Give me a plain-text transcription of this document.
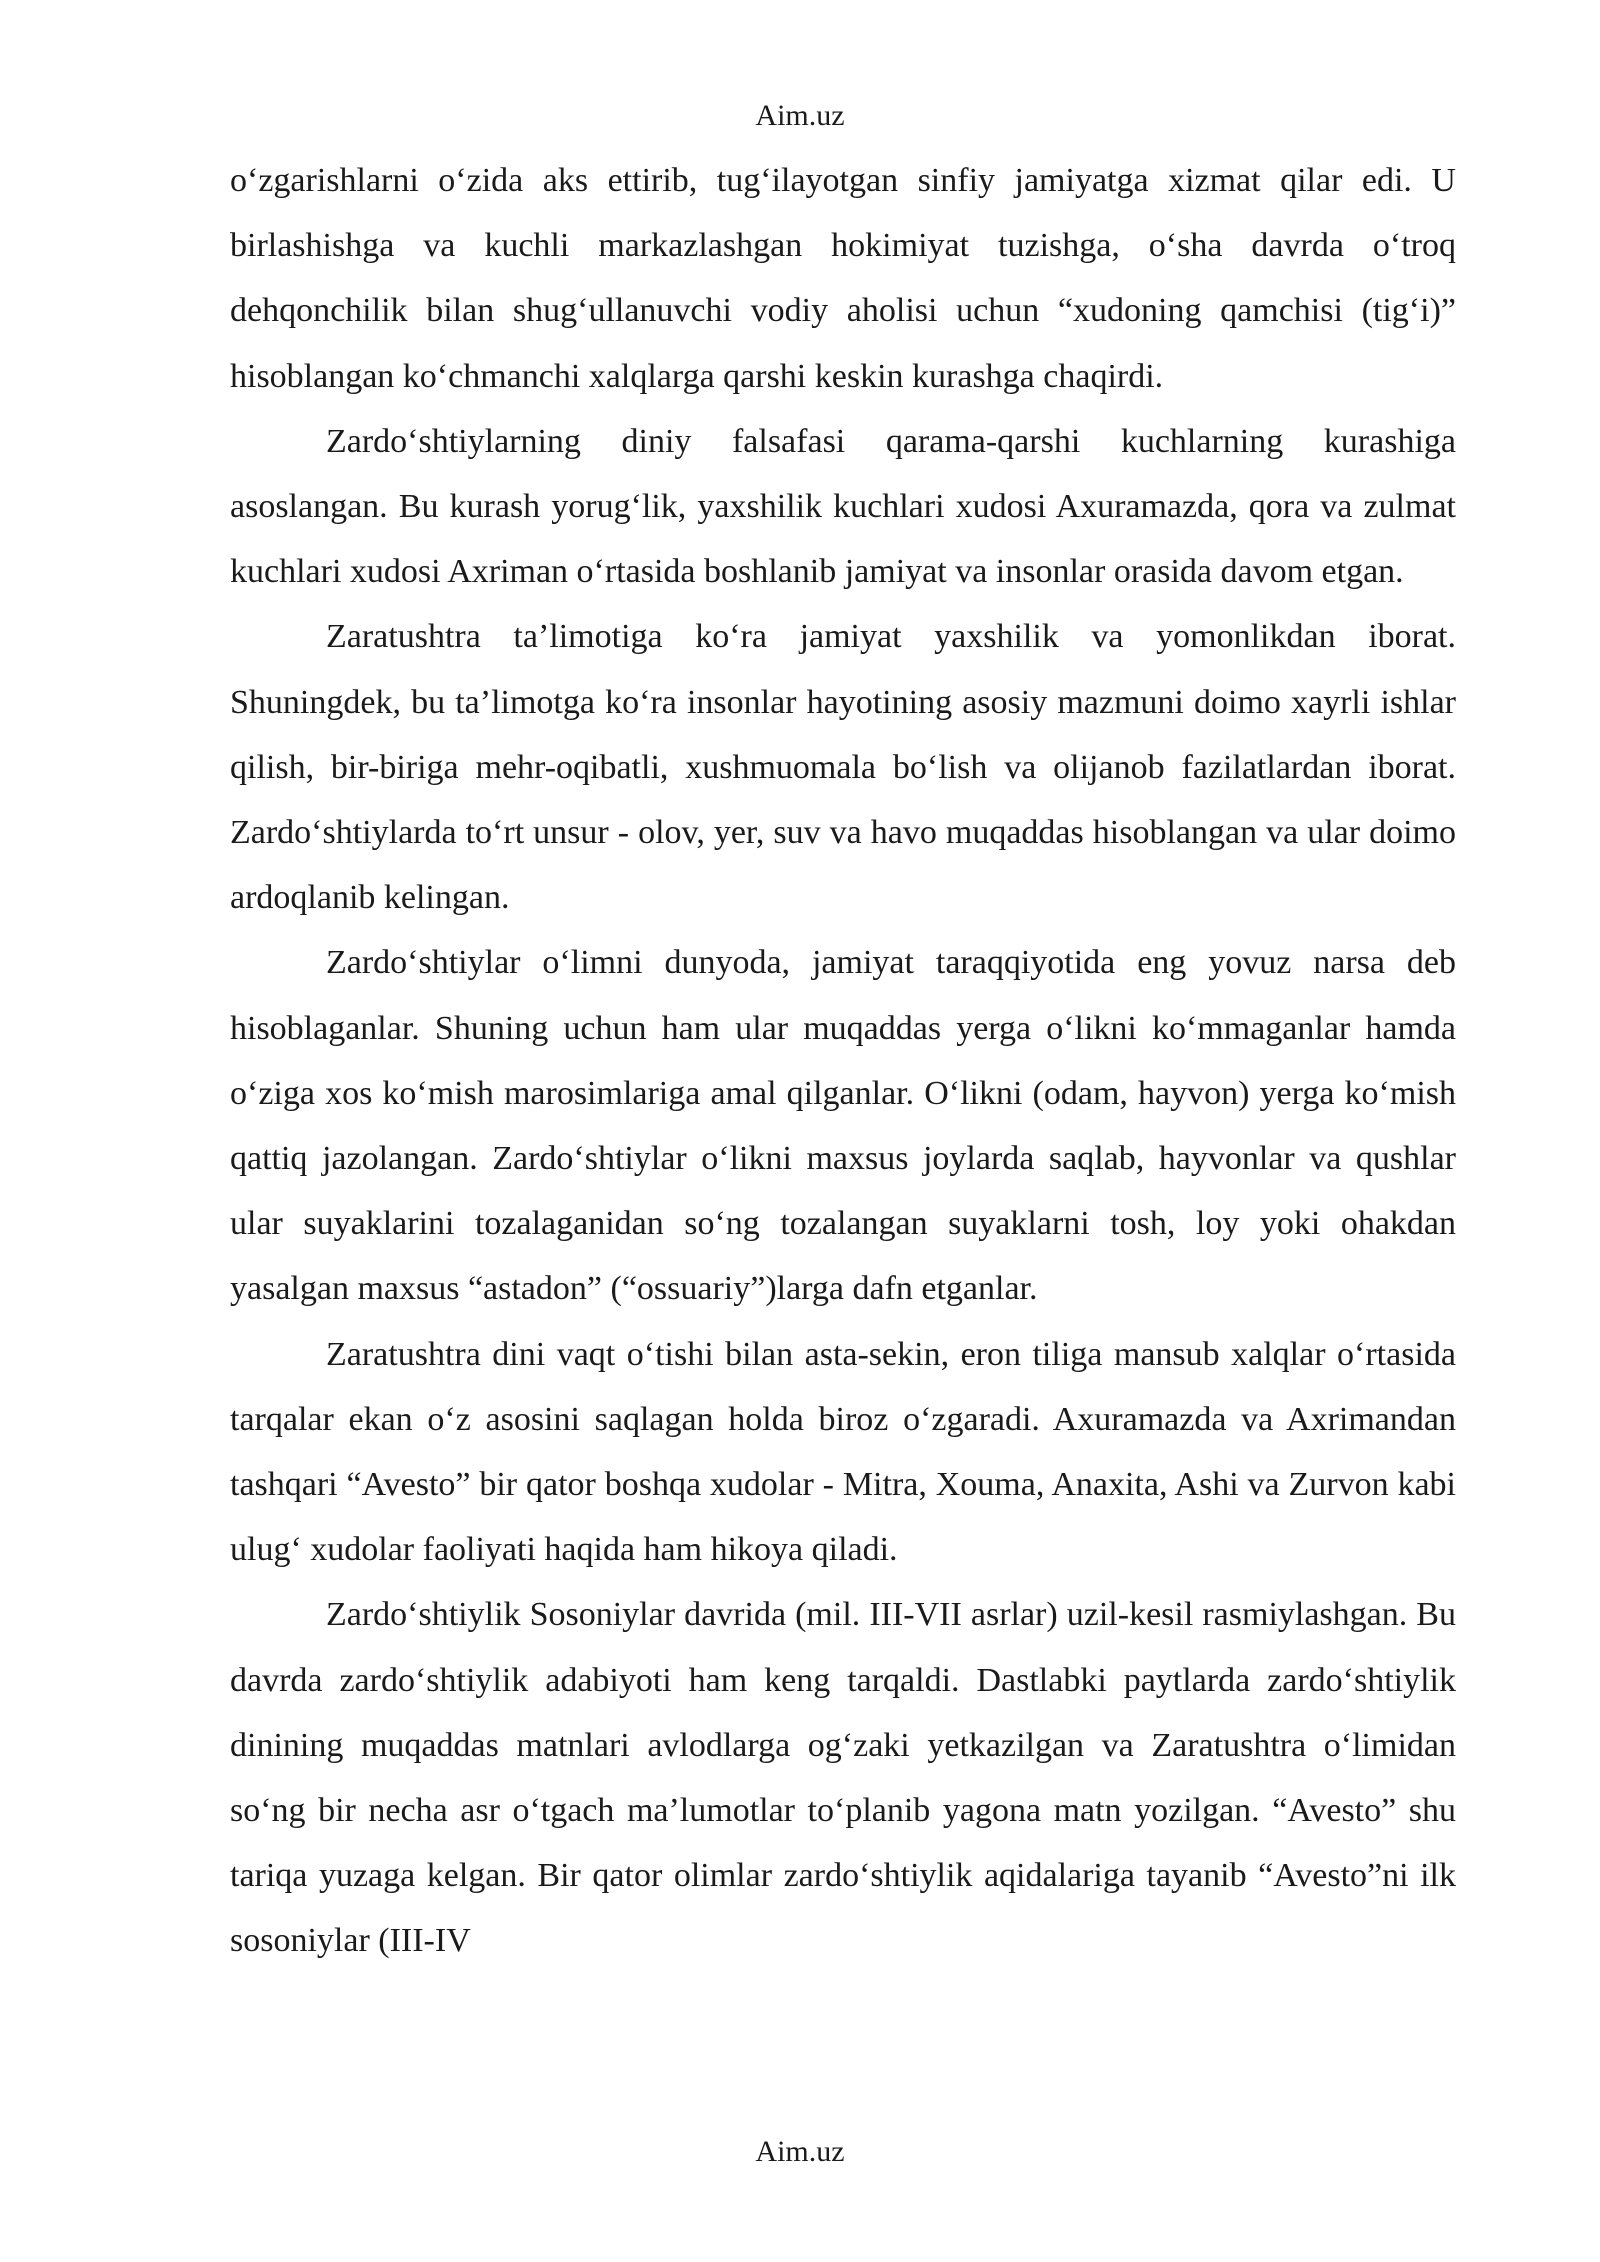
Aim.uz

o‘zgarishlarni o‘zida aks ettirib, tug‘ilayotgan sinfiy jamiyatga xizmat qilar edi. U birlashishga va kuchli markazlashgan hokimiyat tuzishga, o‘sha davrda o‘troq dehqonchilik bilan shug‘ullanuvchi vodiy aholisi uchun “xudoning qamchisi (tig‘i)” hisoblangan ko‘chmanchi xalqlarga qarshi keskin kurashga chaqirdi.

Zardo‘shtiylarning diniy falsafasi qarama-qarshi kuchlarning kurashiga asoslangan. Bu kurash yorug‘lik, yaxshilik kuchlari xudosi Axuramazda, qora va zulmat kuchlari xudosi Axriman o‘rtasida boshlanib jamiyat va insonlar orasida davom etgan.

Zaratushtra ta’limotiga ko‘ra jamiyat yaxshilik va yomonlikdan iborat. Shuningdek, bu ta’limotga ko‘ra insonlar hayotining asosiy mazmuni doimo xayrli ishlar qilish, bir-biriga mehr-oqibatli, xushmuomala bo‘lish va olijanob fazilatlardan iborat. Zardo‘shtiylarda to‘rt unsur - olov, yer, suv va havo muqaddas hisoblangan va ular doimo ardoqlanib kelingan.

Zardo‘shtiylar o‘limni dunyoda, jamiyat taraqqiyotida eng yovuz narsa deb hisoblaganlar. Shuning uchun ham ular muqaddas yerga o‘likni ko‘mmaganlar hamda o‘ziga xos ko‘mish marosimlariga amal qilganlar. O‘likni (odam, hayvon) yerga ko‘mish qattiq jazolangan. Zardo‘shtiylar o‘likni maxsus joylarda saqlab, hayvonlar va qushlar ular suyaklarini tozalaganidan so‘ng tozalangan suyaklarni tosh, loy yoki ohakdan yasalgan maxsus “astadon” (“ossuariy”)larga dafn etganlar.

Zaratushtra dini vaqt o‘tishi bilan asta-sekin, eron tiliga mansub xalqlar o‘rtasida tarqalar ekan o‘z asosini saqlagan holda biroz o‘zgaradi. Axuramazda va Axrimandan tashqari “Avesto” bir qator boshqa xudolar - Mitra, Xouma, Anaxita, Ashi va Zurvon kabi ulug‘ xudolar faoliyati haqida ham hikoya qiladi.

Zardo‘shtiylik Sosoniylar davrida (mil. III-VII asrlar) uzil-kesil rasmiylashgan. Bu davrda zardo‘shtiylik adabiyoti ham keng tarqaldi. Dastlabki paytlarda zardo‘shtiylik dinining muqaddas matnlari avlodlarga og‘zaki yetkazilgan va Zaratushtra o‘limidan so‘ng bir necha asr o‘tgach ma’lumotlar to‘planib yagona matn yozilgan. “Avesto” shu tariqa yuzaga kelgan. Bir qator olimlar zardo‘shtiylik aqidalariga tayanib “Avesto”ni ilk sosoniylar (III-IV

Aim.uz
